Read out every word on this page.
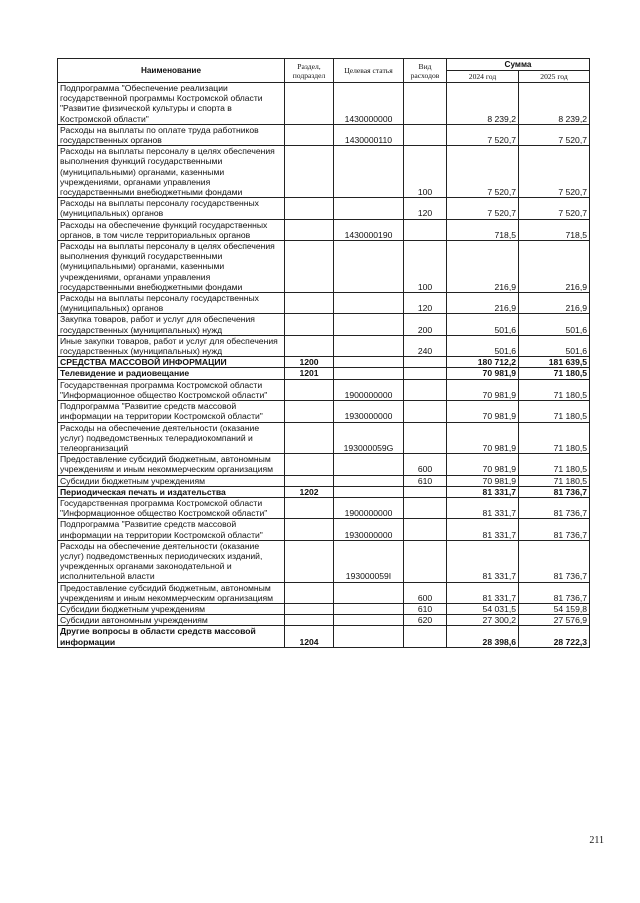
Наименование	Раздел, подраздел	Целевая статья	Вид расходов	Сумма	
				2024 год	2025 год
Подпрограмма "Обеспечение реализации государственной программы Костромской области "Развитие физической культуры и спорта в Костромской области"		1430000000		8 239,2	8 239,2
Расходы на выплаты по оплате труда работников государственных органов		1430000110		7 520,7	7 520,7
Расходы на выплаты персоналу в целях обеспечения выполнения функций государственными (муниципальными) органами, казенными учреждениями, органами управления государственными внебюджетными фондами			100	7 520,7	7 520,7
Расходы на выплаты персоналу государственных (муниципальных) органов			120	7 520,7	7 520,7
Расходы на обеспечение функций государственных органов, в том числе территориальных органов		1430000190		718,5	718,5
Расходы на выплаты персоналу в целях обеспечения выполнения функций государственными (муниципальными) органами, казенными учреждениями, органами управления государственными внебюджетными фондами			100	216,9	216,9
Расходы на выплаты персоналу государственных (муниципальных) органов			120	216,9	216,9
Закупка товаров, работ и услуг для обеспечения государственных (муниципальных) нужд			200	501,6	501,6
Иные закупки товаров, работ и услуг для обеспечения государственных (муниципальных) нужд			240	501,6	501,6
СРЕДСТВА МАССОВОЙ ИНФОРМАЦИИ	1200			180 712,2	181 639,5
Телевидение и радиовещание	1201			70 981,9	71 180,5
Государственная программа Костромской области "Информационное общество Костромской области"		1900000000		70 981,9	71 180,5
Подпрограмма "Развитие средств массовой информации на территории Костромской области"		1930000000		70 981,9	71 180,5
Расходы на обеспечение деятельности (оказание услуг) подведомственных телерадиокомпаний и телеорганизаций		193000059G		70 981,9	71 180,5
Предоставление субсидий бюджетным, автономным учреждениям и иным некоммерческим организациям			600	70 981,9	71 180,5
Субсидии бюджетным учреждениям			610	70 981,9	71 180,5
Периодическая печать и издательства	1202			81 331,7	81 736,7
Государственная программа Костромской области "Информационное общество Костромской области"		1900000000		81 331,7	81 736,7
Подпрограмма "Развитие средств массовой информации на территории Костромской области"		1930000000		81 331,7	81 736,7
Расходы на обеспечение деятельности (оказание услуг) подведомственных периодических изданий, учрежденных органами законодательной и исполнительной власти		193000059I		81 331,7	81 736,7
Предоставление субсидий бюджетным, автономным учреждениям и иным некоммерческим организациям			600	81 331,7	81 736,7
Субсидии бюджетным учреждениям			610	54 031,5	54 159,8
Субсидии автономным учреждениям			620	27 300,2	27 576,9
Другие вопросы в области средств массовой информации	1204			28 398,6	28 722,3
211
